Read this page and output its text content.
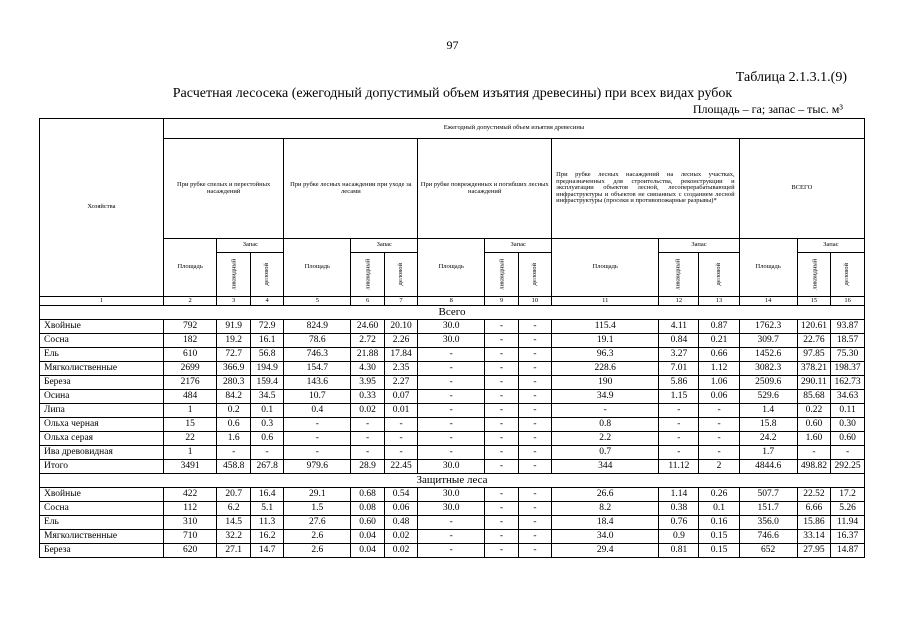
97
Таблица 2.1.3.1.(9)
Расчетная лесосека (ежегодный допустимый объем изъятия древесины) при всех видах рубок
Площадь – га; запас – тыс. м³
Хозяйства	Ежегодный допустимый объем изъятия древесины														
	При рубке спелых и перестойных насаждений			При рубке лесных насаждении при уходе за лесами			При рубке поврежденных и погибших лесных насаждений			При рубке лесных насаждений на лесных участках, предназначенных для строительства, реконструкции и эксплуатации объектов лесной, лесоперерабатывающей инфраструктуры и объектов не связанных с созданием лесной инфраструктуры (просеки и противопожарные разрывы)*			ВСЕГО		
	Площадь	Запас		Площадь	Запас		Площадь	Запас		Площадь	Запас		Площадь	Запас	
		ликвидный	деловой		ликвидный	деловой		ликвидный	деловой		ликвидный	деловой		ликвидный	деловой
1	2	3	4	5	6	7	8	9	10	11	12	13	14	15	16
Всего															
Хвойные	792	91.9	72.9	824.9	24.60	20.10	30.0	-	-	115.4	4.11	0.87	1762.3	120.61	93.87
Сосна	182	19.2	16.1	78.6	2.72	2.26	30.0	-	-	19.1	0.84	0.21	309.7	22.76	18.57
Ель	610	72.7	56.8	746.3	21.88	17.84	-	-	-	96.3	3.27	0.66	1452.6	97.85	75.30
Мягколиственные	2699	366.9	194.9	154.7	4.30	2.35	-	-	-	228.6	7.01	1.12	3082.3	378.21	198.37
Береза	2176	280.3	159.4	143.6	3.95	2.27	-	-	-	190	5.86	1.06	2509.6	290.11	162.73
Осина	484	84.2	34.5	10.7	0.33	0.07	-	-	-	34.9	1.15	0.06	529.6	85.68	34.63
Липа	1	0.2	0.1	0.4	0.02	0.01	-	-	-	-	-	-	1.4	0.22	0.11
Ольха черная	15	0.6	0.3	-	-	-	-	-	-	0.8	-	-	15.8	0.60	0.30
Ольха серая	22	1.6	0.6	-	-	-	-	-	-	2.2	-	-	24.2	1.60	0.60
Ива древовидная	1	-	-	-	-	-	-	-	-	0.7	-	-	1.7	-	-
Итого	3491	458.8	267.8	979.6	28.9	22.45	30.0	-	-	344	11.12	2	4844.6	498.82	292.25
Защитные леса															
Хвойные	422	20.7	16.4	29.1	0.68	0.54	30.0	-	-	26.6	1.14	0.26	507.7	22.52	17.2
Сосна	112	6.2	5.1	1.5	0.08	0.06	30.0	-	-	8.2	0.38	0.1	151.7	6.66	5.26
Ель	310	14.5	11.3	27.6	0.60	0.48	-	-	-	18.4	0.76	0.16	356.0	15.86	11.94
Мягколиственные	710	32.2	16.2	2.6	0.04	0.02	-	-	-	34.0	0.9	0.15	746.6	33.14	16.37
Береза	620	27.1	14.7	2.6	0.04	0.02	-	-	-	29.4	0.81	0.15	652	27.95	14.87
